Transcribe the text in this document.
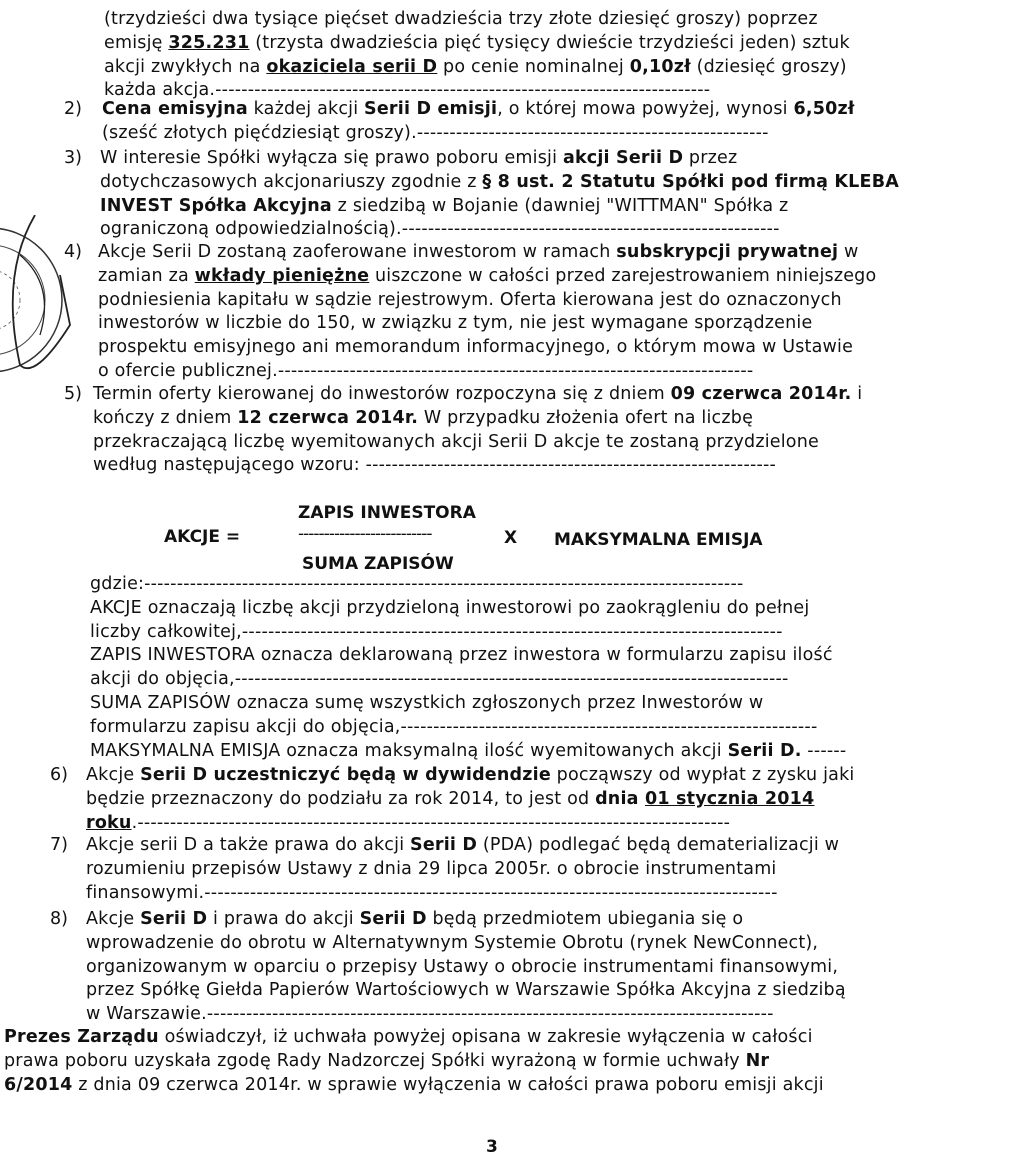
(trzydzieści dwa tysiące pięćset dwadzieścia trzy złote dziesięć groszy) poprzez
emisję 325.231 (trzysta dwadzieścia pięć tysięcy dwieście trzydzieści jeden) sztuk
akcji zwykłych na okaziciela serii D po cenie nominalnej 0,10zł (dziesięć groszy)
każda akcja.----------------------------------------------------------------------------
2)	Cena emisyjna każdej akcji Serii D emisji, o której mowa powyżej, wynosi 6,50zł
(sześć złotych pięćdziesiąt groszy).------------------------------------------------------
3)	W interesie Spółki wyłącza się prawo poboru emisji akcji Serii D przez
dotychczasowych akcjonariuszy zgodnie z § 8 ust. 2 Statutu Spółki pod firmą KLEBA
INVEST Spółka Akcyjna z siedzibą w Bojanie (dawniej "WITTMAN" Spółka z
ograniczoną odpowiedzialnością).----------------------------------------------------------
4) Akcje Serii D zostaną zaoferowane inwestorom w ramach subskrypcji prywatnej w
zamian za wkłady pieniężne uiszczone w całości przed zarejestrowaniem niniejszego
podniesienia kapitału w sądzie rejestrowym. Oferta kierowana jest do oznaczonych
inwestorów w liczbie do 150, w związku z tym, nie jest wymagane sporządzenie
prospektu emisyjnego ani memorandum informacyjnego, o którym mowa w Ustawie
o ofercie publicznej.-------------------------------------------------------------------------
5) Termin oferty kierowanej do inwestorów rozpoczyna się z dniem 09 czerwca 2014r. i
kończy z dniem 12 czerwca 2014r. W przypadku złożenia ofert na liczbę
przekraczającą liczbę wyemitowanych akcji Serii D akcje te zostaną przydzielone
według następującego wzoru: ---------------------------------------------------------------
ZAPIS INWESTORA
AKCJE =	--------------------------	X MAKSYMALNA EMISJA
SUMA ZAPISÓW
gdzie:--------------------------------------------------------------------------------------------
AKCJE oznaczają liczbę akcji przydzieloną inwestorowi po zaokrągleniu do pełnej
liczby całkowitej,-----------------------------------------------------------------------------------
ZAPIS INWESTORA oznacza deklarowaną przez inwestora w formularzu zapisu ilość
akcji do objęcia,-------------------------------------------------------------------------------------
SUMA ZAPISÓW oznacza sumę wszystkich zgłoszonych przez Inwestorów w
formularzu zapisu akcji do objęcia,----------------------------------------------------------------
MAKSYMALNA EMISJA oznacza maksymalną ilość wyemitowanych akcji Serii D. ------
6)	Akcje Serii D uczestniczyć będą w dywidendzie począwszy od wypłat z zysku jaki
będzie przeznaczony do podziału za rok 2014, to jest od dnia 01 stycznia 2014
roku.-------------------------------------------------------------------------------------------
7)	Akcje serii D a także prawa do akcji Serii D (PDA) podlegać będą dematerializacji w
rozumieniu przepisów Ustawy z dnia 29 lipca 2005r. o obrocie instrumentami
finansowymi.----------------------------------------------------------------------------------------
8)	Akcje Serii D i prawa do akcji Serii D będą przedmiotem ubiegania się o
wprowadzenie do obrotu w Alternatywnym Systemie Obrotu (rynek NewConnect),
organizowanym w oparciu o przepisy Ustawy o obrocie instrumentami finansowymi,
przez Spółkę Giełda Papierów Wartościowych w Warszawie Spółka Akcyjna z siedzibą
w Warszawie.---------------------------------------------------------------------------------------
Prezes Zarządu oświadczył, iż uchwała powyżej opisana w zakresie wyłączenia w całości
prawa poboru uzyskała zgodę Rady Nadzorczej Spółki wyrażoną w formie uchwały Nr
6/2014 z dnia 09 czerwca 2014r. w sprawie wyłączenia w całości prawa poboru emisji akcji
3
